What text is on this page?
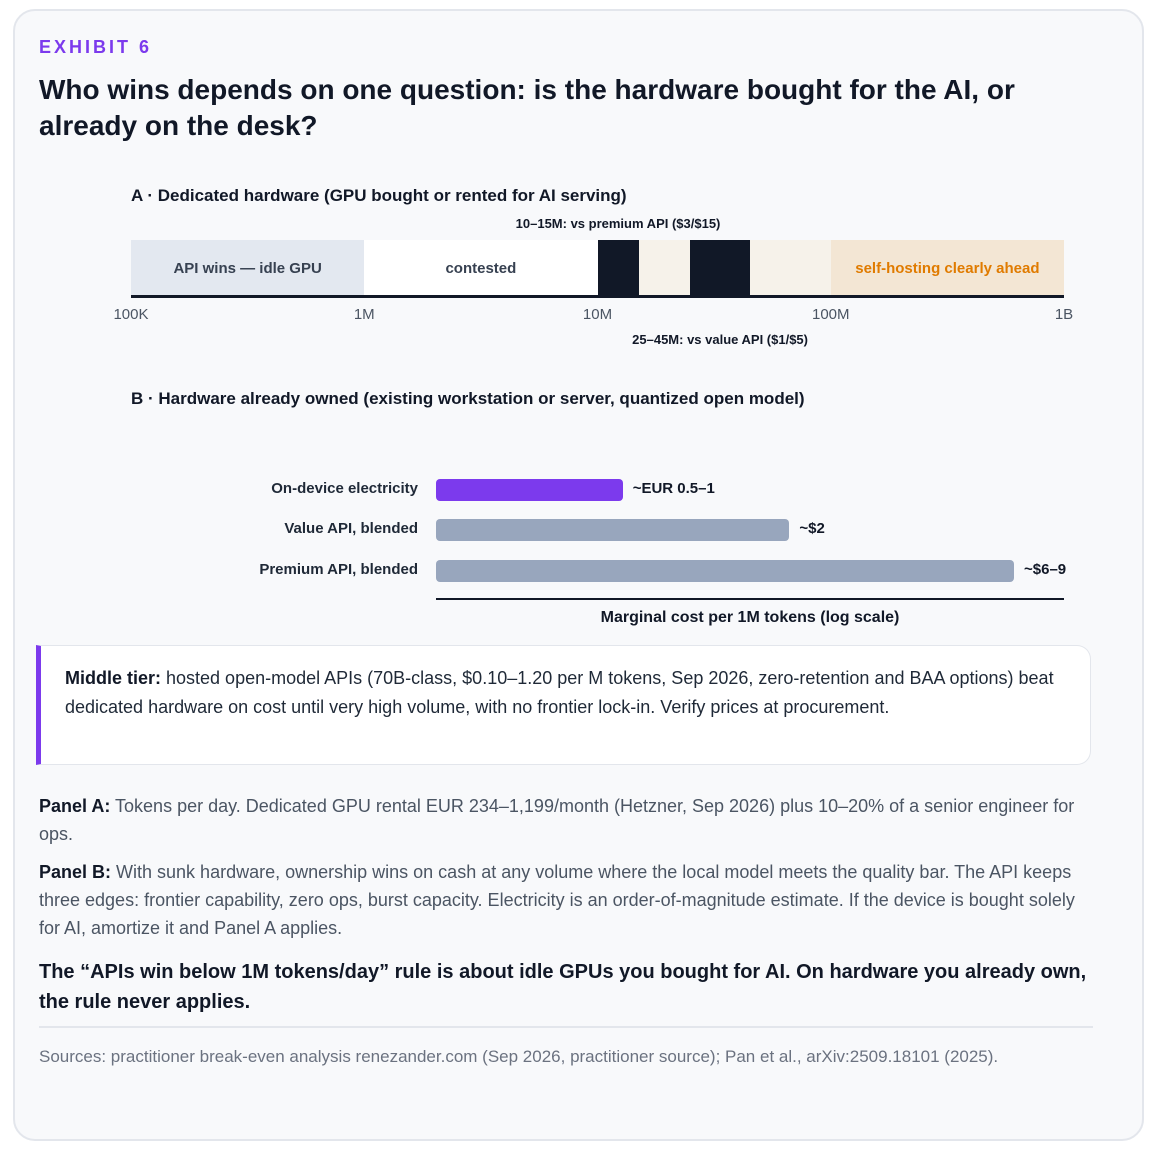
EXHIBIT 6
Who wins depends on one question: is the hardware bought for the AI, or already on the desk?
A · Dedicated hardware (GPU bought or rented for AI serving)
B · Hardware already owned (existing workstation or server, quantized open model)
Middle tier: hosted open-model APIs (70B-class, $0.10–1.20 per M tokens, Sep 2026, zero-retention and BAA options) beat dedicated hardware on cost until very high volume, with no frontier lock-in. Verify prices at procurement.
Panel A: Tokens per day. Dedicated GPU rental EUR 234–1,199/month (Hetzner, Sep 2026) plus 10–20% of a senior engineer for ops.
Panel B: With sunk hardware, ownership wins on cash at any volume where the local model meets the quality bar. The API keeps three edges: frontier capability, zero ops, burst capacity. Electricity is an order-of-magnitude estimate. If the device is bought solely for AI, amortize it and Panel A applies.
The “APIs win below 1M tokens/day” rule is about idle GPUs you bought for AI. On hardware you already own, the rule never applies.
Sources: practitioner break-even analysis renezander.com (Sep 2026, practitioner source); Pan et al., arXiv:2509.18101 (2025).
API wins — idle GPU	contested	self-hosting clearly ahead
10–15M: vs premium API ($3/$15)
25–45M: vs value API ($1/$5)
100K	1M	10M	100M	1B
On-device electricity	~EUR 0.5–1
Value API, blended	~$2
Premium API, blended	~$6–9
Marginal cost per 1M tokens (log scale)
